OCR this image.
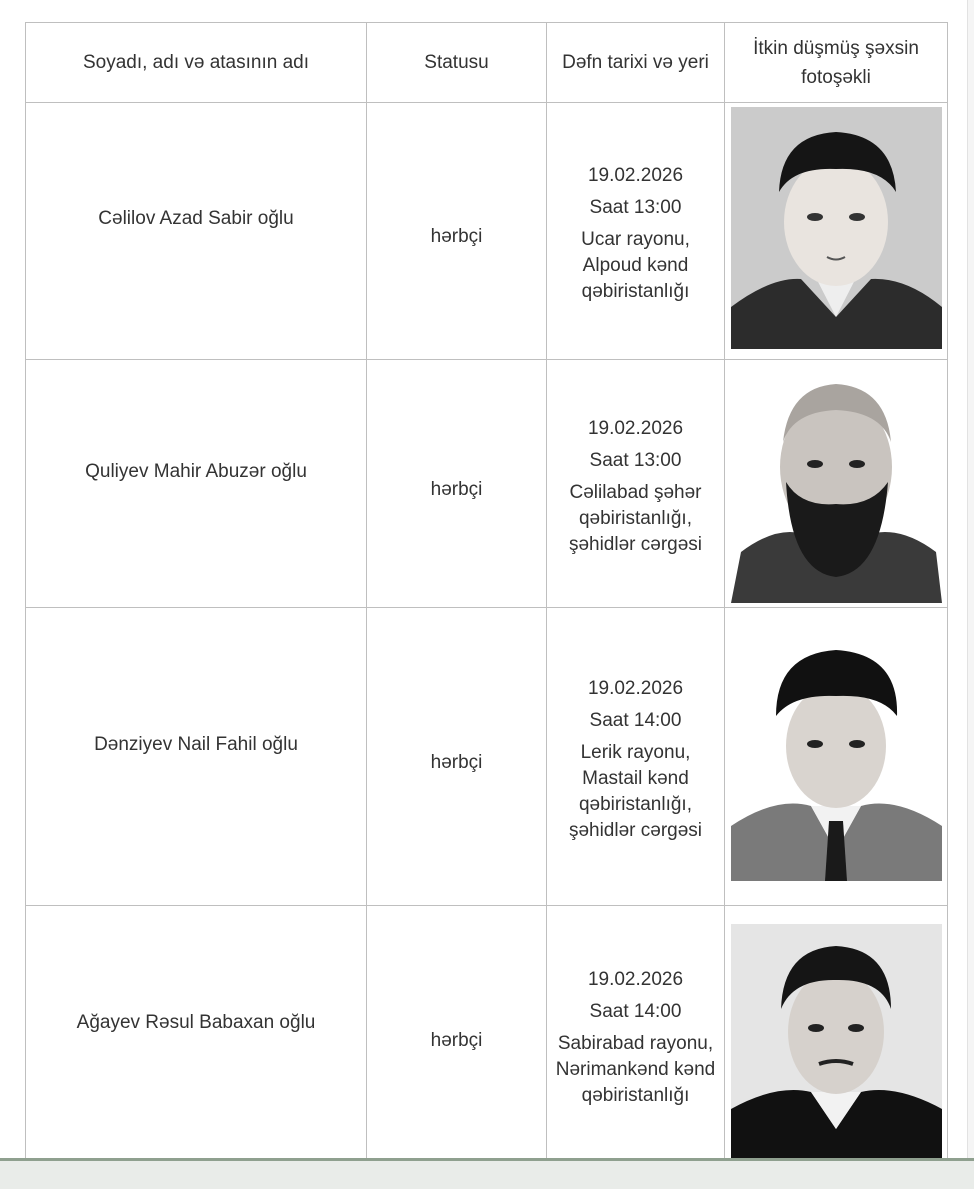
Soyadı, adı və atasının adı	Statusu	Dəfn tarixi və yeri	İtkin düşmüş şəxsin fotoşəkli
Cəlilov Azad Sabir oğlu	hərbçi	19.02.2026
Saat 13:00
Ucar rayonu, Alpoud kənd qəbiristanlığı

Quliyev Mahir Abuzər oğlu	hərbçi	19.02.2026
Saat 13:00
Cəlilabad şəhər qəbiristanlığı, şəhidlər cərgəsi

Dənziyev Nail Fahil oğlu	hərbçi	19.02.2026
Saat 14:00
Lerik rayonu, Mastail kənd qəbiristanlığı, şəhidlər cərgəsi

Ağayev Rəsul Babaxan oğlu	hərbçi	19.02.2026
Saat 14:00
Sabirabad rayonu, Nərimankənd kənd qəbiristanlığı
